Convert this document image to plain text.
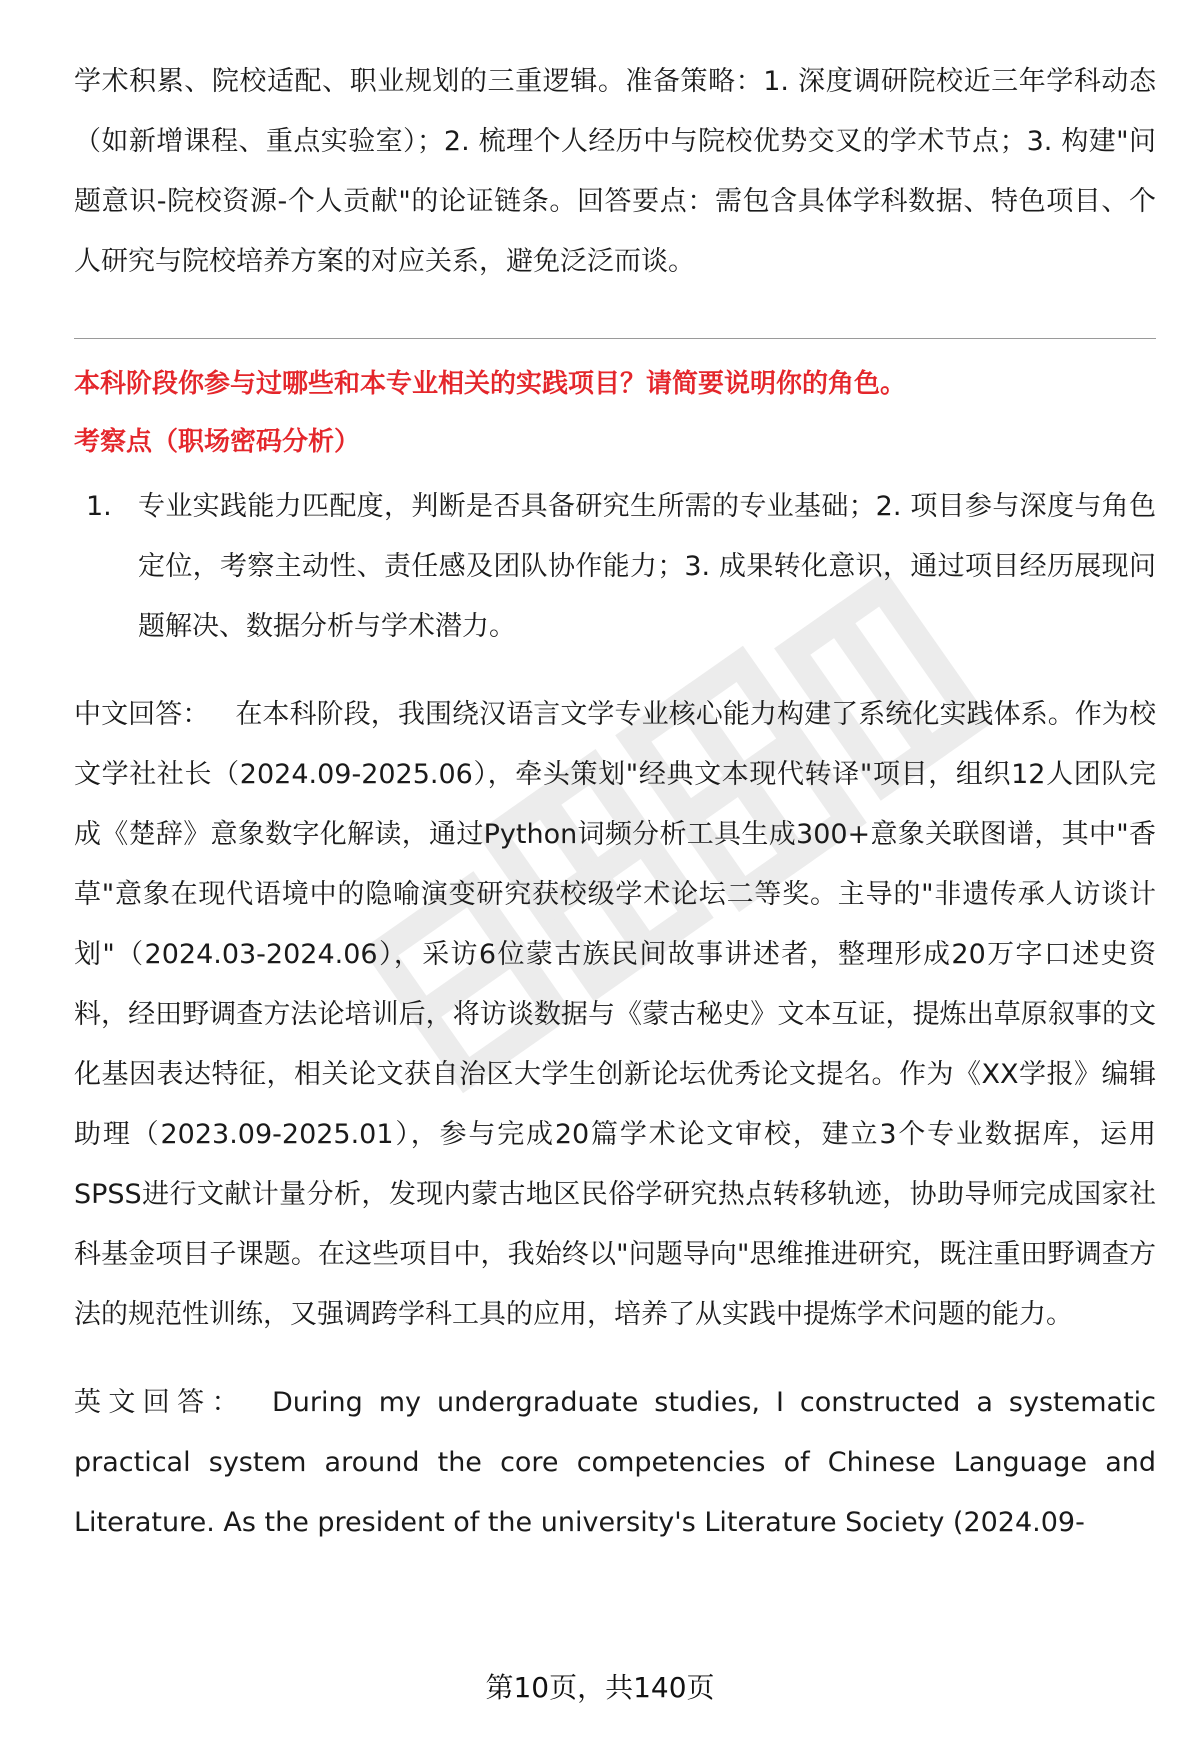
学术积累、院校适配、职业规划的三重逻辑。准备策略：1. 深度调研院校近三年学科动态（如新增课程、重点实验室）；2. 梳理个人经历中与院校优势交叉的学术节点；3. 构建"问题意识-院校资源-个人贡献"的论证链条。回答要点：需包含具体学科数据、特色项目、个人研究与院校培养方案的对应关系，避免泛泛而谈。

本科阶段你参与过哪些和本专业相关的实践项目？请简要说明你的角色。

考察点（职场密码分析）

1. 专业实践能力匹配度，判断是否具备研究生所需的专业基础；2. 项目参与深度与角色定位，考察主动性、责任感及团队协作能力；3. 成果转化意识，通过项目经历展现问题解决、数据分析与学术潜力。

中文回答： 在本科阶段，我围绕汉语言文学专业核心能力构建了系统化实践体系。作为校文学社社长（2024.09-2025.06），牵头策划"经典文本现代转译"项目，组织12人团队完成《楚辞》意象数字化解读，通过Python词频分析工具生成300+意象关联图谱，其中"香草"意象在现代语境中的隐喻演变研究获校级学术论坛二等奖。主导的"非遗传承人访谈计划"（2024.03-2024.06），采访6位蒙古族民间故事讲述者，整理形成20万字口述史资料，经田野调查方法论培训后，将访谈数据与《蒙古秘史》文本互证，提炼出草原叙事的文化基因表达特征，相关论文获自治区大学生创新论坛优秀论文提名。作为《XX学报》编辑助理（2023.09-2025.01），参与完成20篇学术论文审校，建立3个专业数据库，运用SPSS进行文献计量分析，发现内蒙古地区民俗学研究热点转移轨迹，协助导师完成国家社科基金项目子课题。在这些项目中，我始终以"问题导向"思维推进研究，既注重田野调查方法的规范性训练，又强调跨学科工具的应用，培养了从实践中提炼学术问题的能力。

英文回答： During my undergraduate studies, I constructed a systematic practical system around the core competencies of Chinese Language and Literature. As the president of the university's Literature Society (2024.09-

第10页，共140页
